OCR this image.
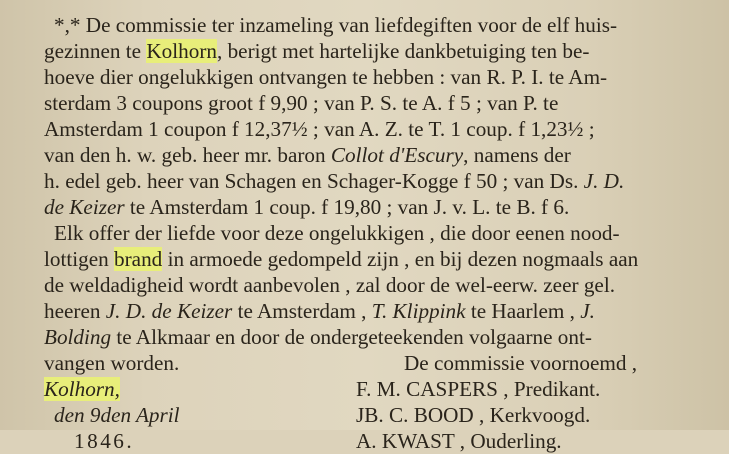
*,* De commissie ter inzameling van liefdegiften voor de elf huis-
gezinnen te Kolhorn, berigt met hartelijke dankbetuiging ten be-
hoeve dier ongelukkigen ontvangen te hebben : van R. P. I. te Am-
sterdam 3 coupons groot f 9,90 ; van P. S. te A. f 5 ; van P. te
Amsterdam 1 coupon f 12,37½ ; van A. Z. te T. 1 coup. f 1,23½ ;
van den h. w. geb. heer mr. baron Collot d'Escury, namens der
h. edel geb. heer van Schagen en Schager-Kogge f 50 ; van Ds. J. D.
de Keizer te Amsterdam 1 coup. f 19,80 ; van J. v. L. te B. f 6.
Elk offer der liefde voor deze ongelukkigen , die door eenen nood-
lottigen brand in armoede gedompeld zijn , en bij dezen nogmaals aan
de weldadigheid wordt aanbevolen , zal door de wel-eerw. zeer gel.
heeren J. D. de Keizer te Amsterdam , T. Klippink te Haarlem , J.
Bolding te Alkmaar en door de ondergeteekenden volgaarne ont-
vangen worden.	De commissie voornoemd ,
Kolhorn,	F. M. CASPERS , Predikant.
den 9den April	JB. C. BOOD , Kerkvoogd.
1846.	A. KWAST , Ouderling.
